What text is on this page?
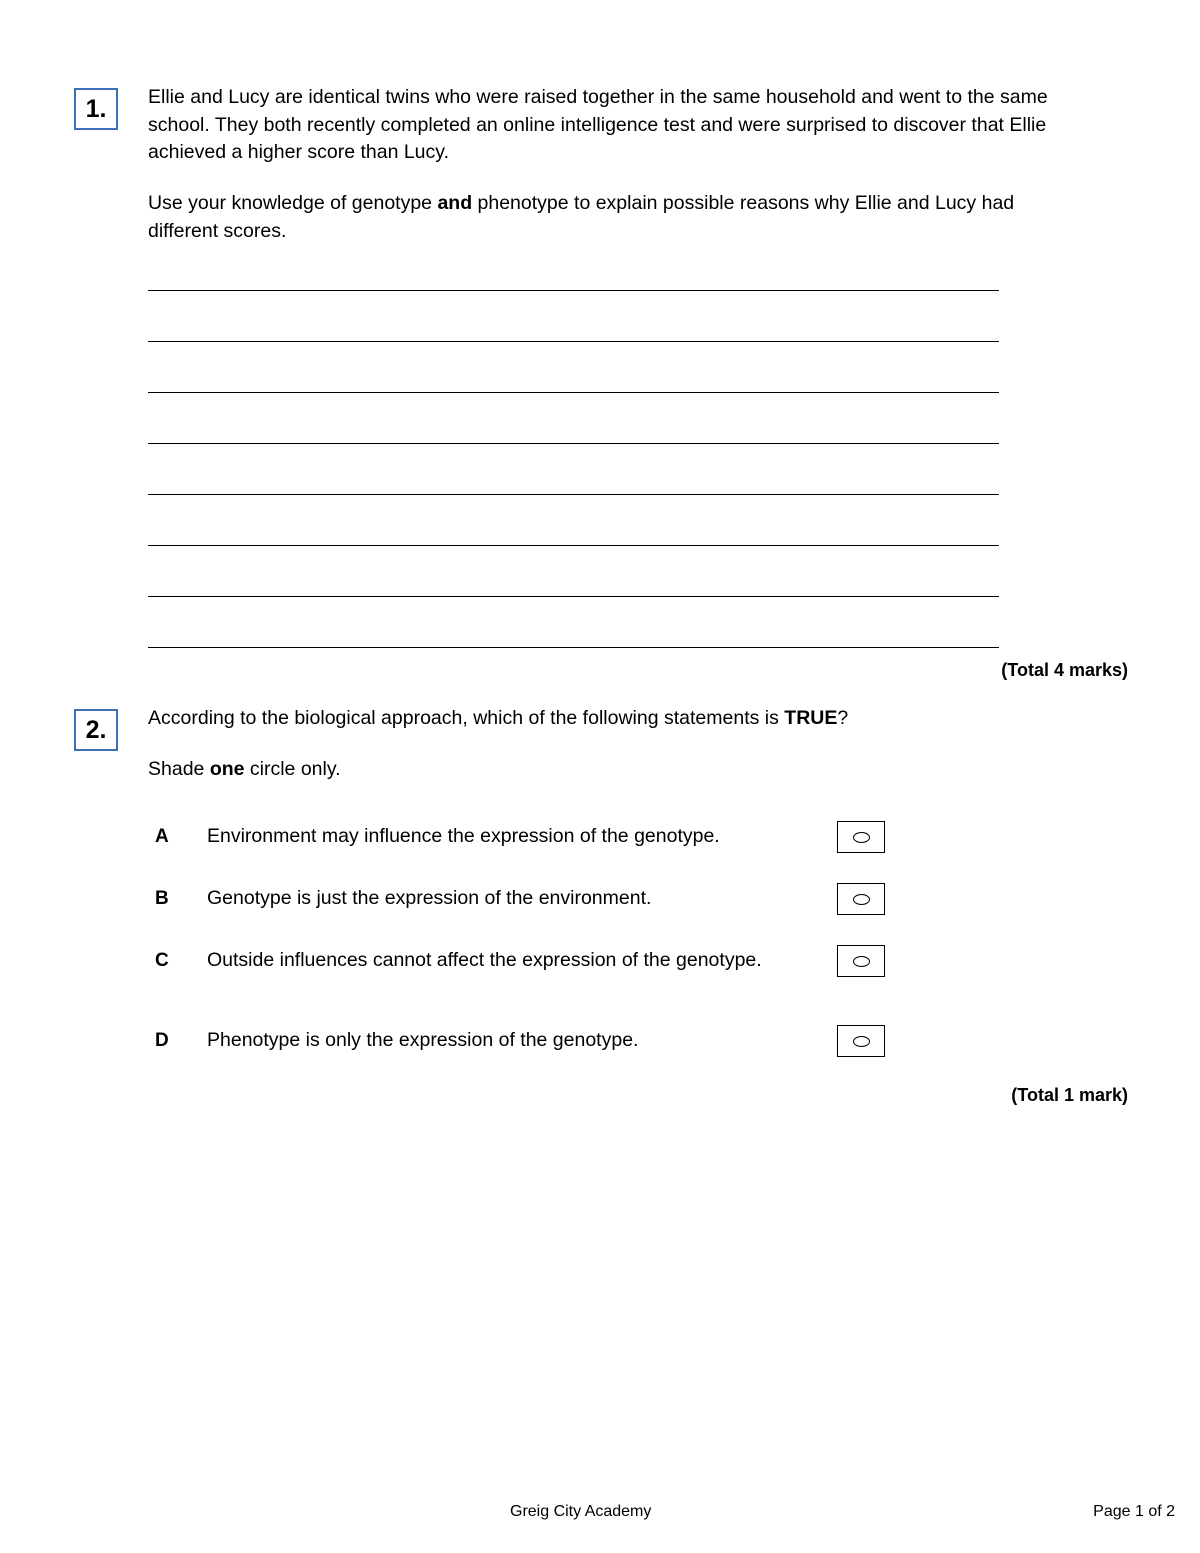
1. Ellie and Lucy are identical twins who were raised together in the same household and went to the same school. They both recently completed an online intelligence test and were surprised to discover that Ellie achieved a higher score than Lucy.
Use your knowledge of genotype and phenotype to explain possible reasons why Ellie and Lucy had different scores.
(Total 4 marks)
2. According to the biological approach, which of the following statements is TRUE?
Shade one circle only.
A Environment may influence the expression of the genotype.
B Genotype is just the expression of the environment.
C Outside influences cannot affect the expression of the genotype.
D Phenotype is only the expression of the genotype.
(Total 1 mark)
Greig City Academy	Page 1 of 2
